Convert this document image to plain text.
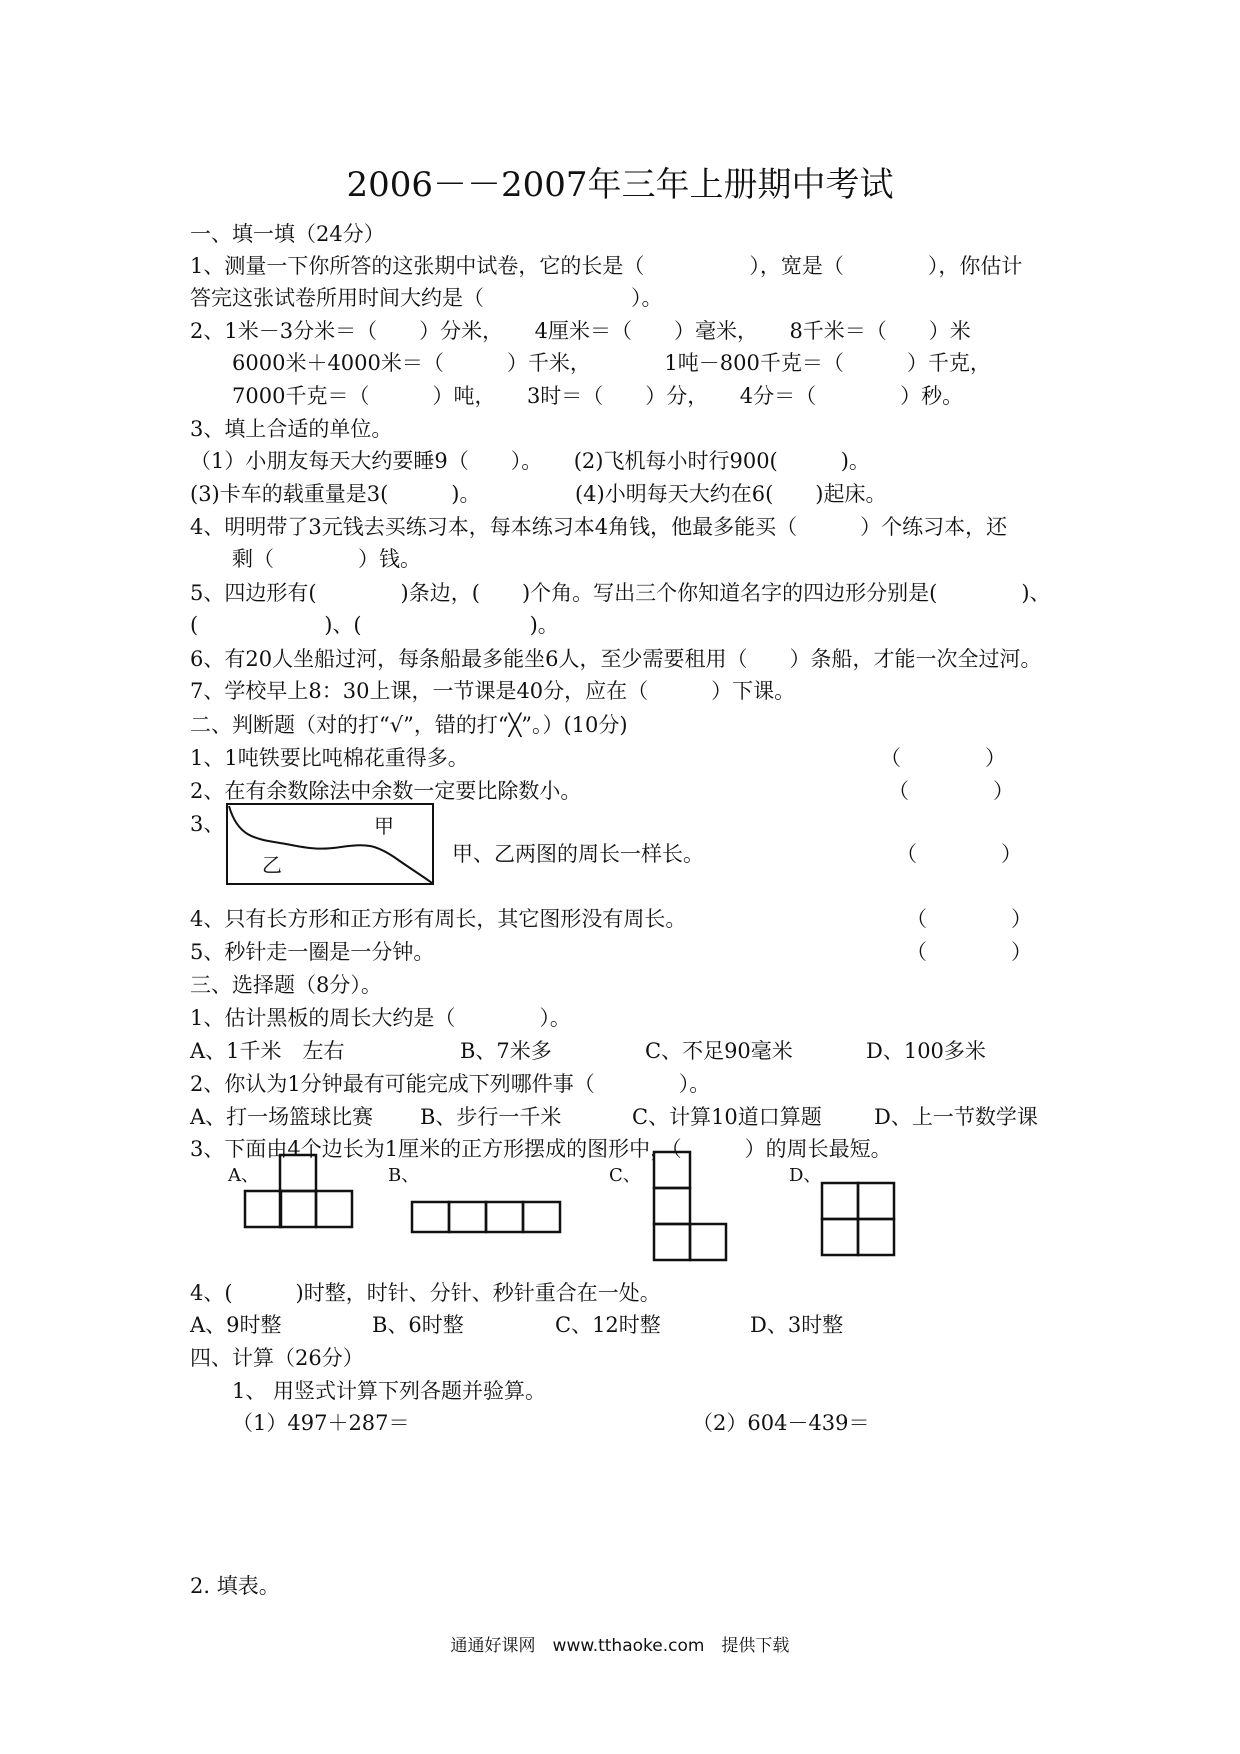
2006－－2007年三年上册期中考试
一、填一填（24分）
1、测量一下你所答的这张期中试卷，它的长是（　　　　　），宽是（　　　　），你估计
答完这张试卷所用时间大约是（　　　　　　　）。
2、1米－3分米＝（　　）分米，　　4厘米＝（　　）毫米，　　8千米＝（　　）米
6000米＋4000米＝（　　　）千米，　　　　1吨－800千克＝（　　　）千克，
7000千克＝（　　　）吨，　　3时＝（　　）分，　　4分＝（　　　　）秒。
3、填上合适的单位。
（1）小朋友每天大约要睡9（　　）。　　(2)飞机每小时行900(　　　)。
(3)卡车的载重量是3(　　　)。　　　　　(4)小明每天大约在6(　　)起床。
4、明明带了3元钱去买练习本，每本练习本4角钱，他最多能买（　　　）个练习本，还
剩（　　　　）钱。
5、四边形有(　　　　)条边，(　　)个角。写出三个你知道名字的四边形分别是(　　　　)、
(　　　　　　)、(　　　　　　　　)。
6、有20人坐船过河，每条船最多能坐6人，至少需要租用（　　）条船，才能一次全过河。
7、学校早上8：30上课，一节课是40分，应在（　　　）下课。
二、判断题（对的打“√”，错的打“╳”。）(10分)
1、1吨铁要比吨棉花重得多。	（　　　　）
2、在有余数除法中余数一定要比除数小。	（　　　　）
3、	甲
乙	甲、乙两图的周长一样长。	（　　　　）
4、只有长方形和正方形有周长，其它图形没有周长。	（　　　　）
5、秒针走一圈是一分钟。	（　　　　）
三、选择题（8分）。
1、估计黑板的周长大约是（　　　　）。
A、1千米　左右	B、7米多	C、不足90毫米	D、100多米
2、你认为1分钟最有可能完成下列哪件事（　　　　）。
A、打一场篮球比赛 B、步行一千米	C、计算10道口算题 D、上一节数学课
3、下面由4个边长为1厘米的正方形摆成的图形中，（　　　）的周长最短。
A、	B、	C、	D、
4、(　　　)时整，时针、分针、秒针重合在一处。
A、9时整	B、6时整	C、12时整	D、3时整
四、计算（26分）
1、 用竖式计算下列各题并验算。
（1）497＋287＝	（2）604－439＝
2. 填表。
通通好课网　www.tthaoke.com　提供下载
